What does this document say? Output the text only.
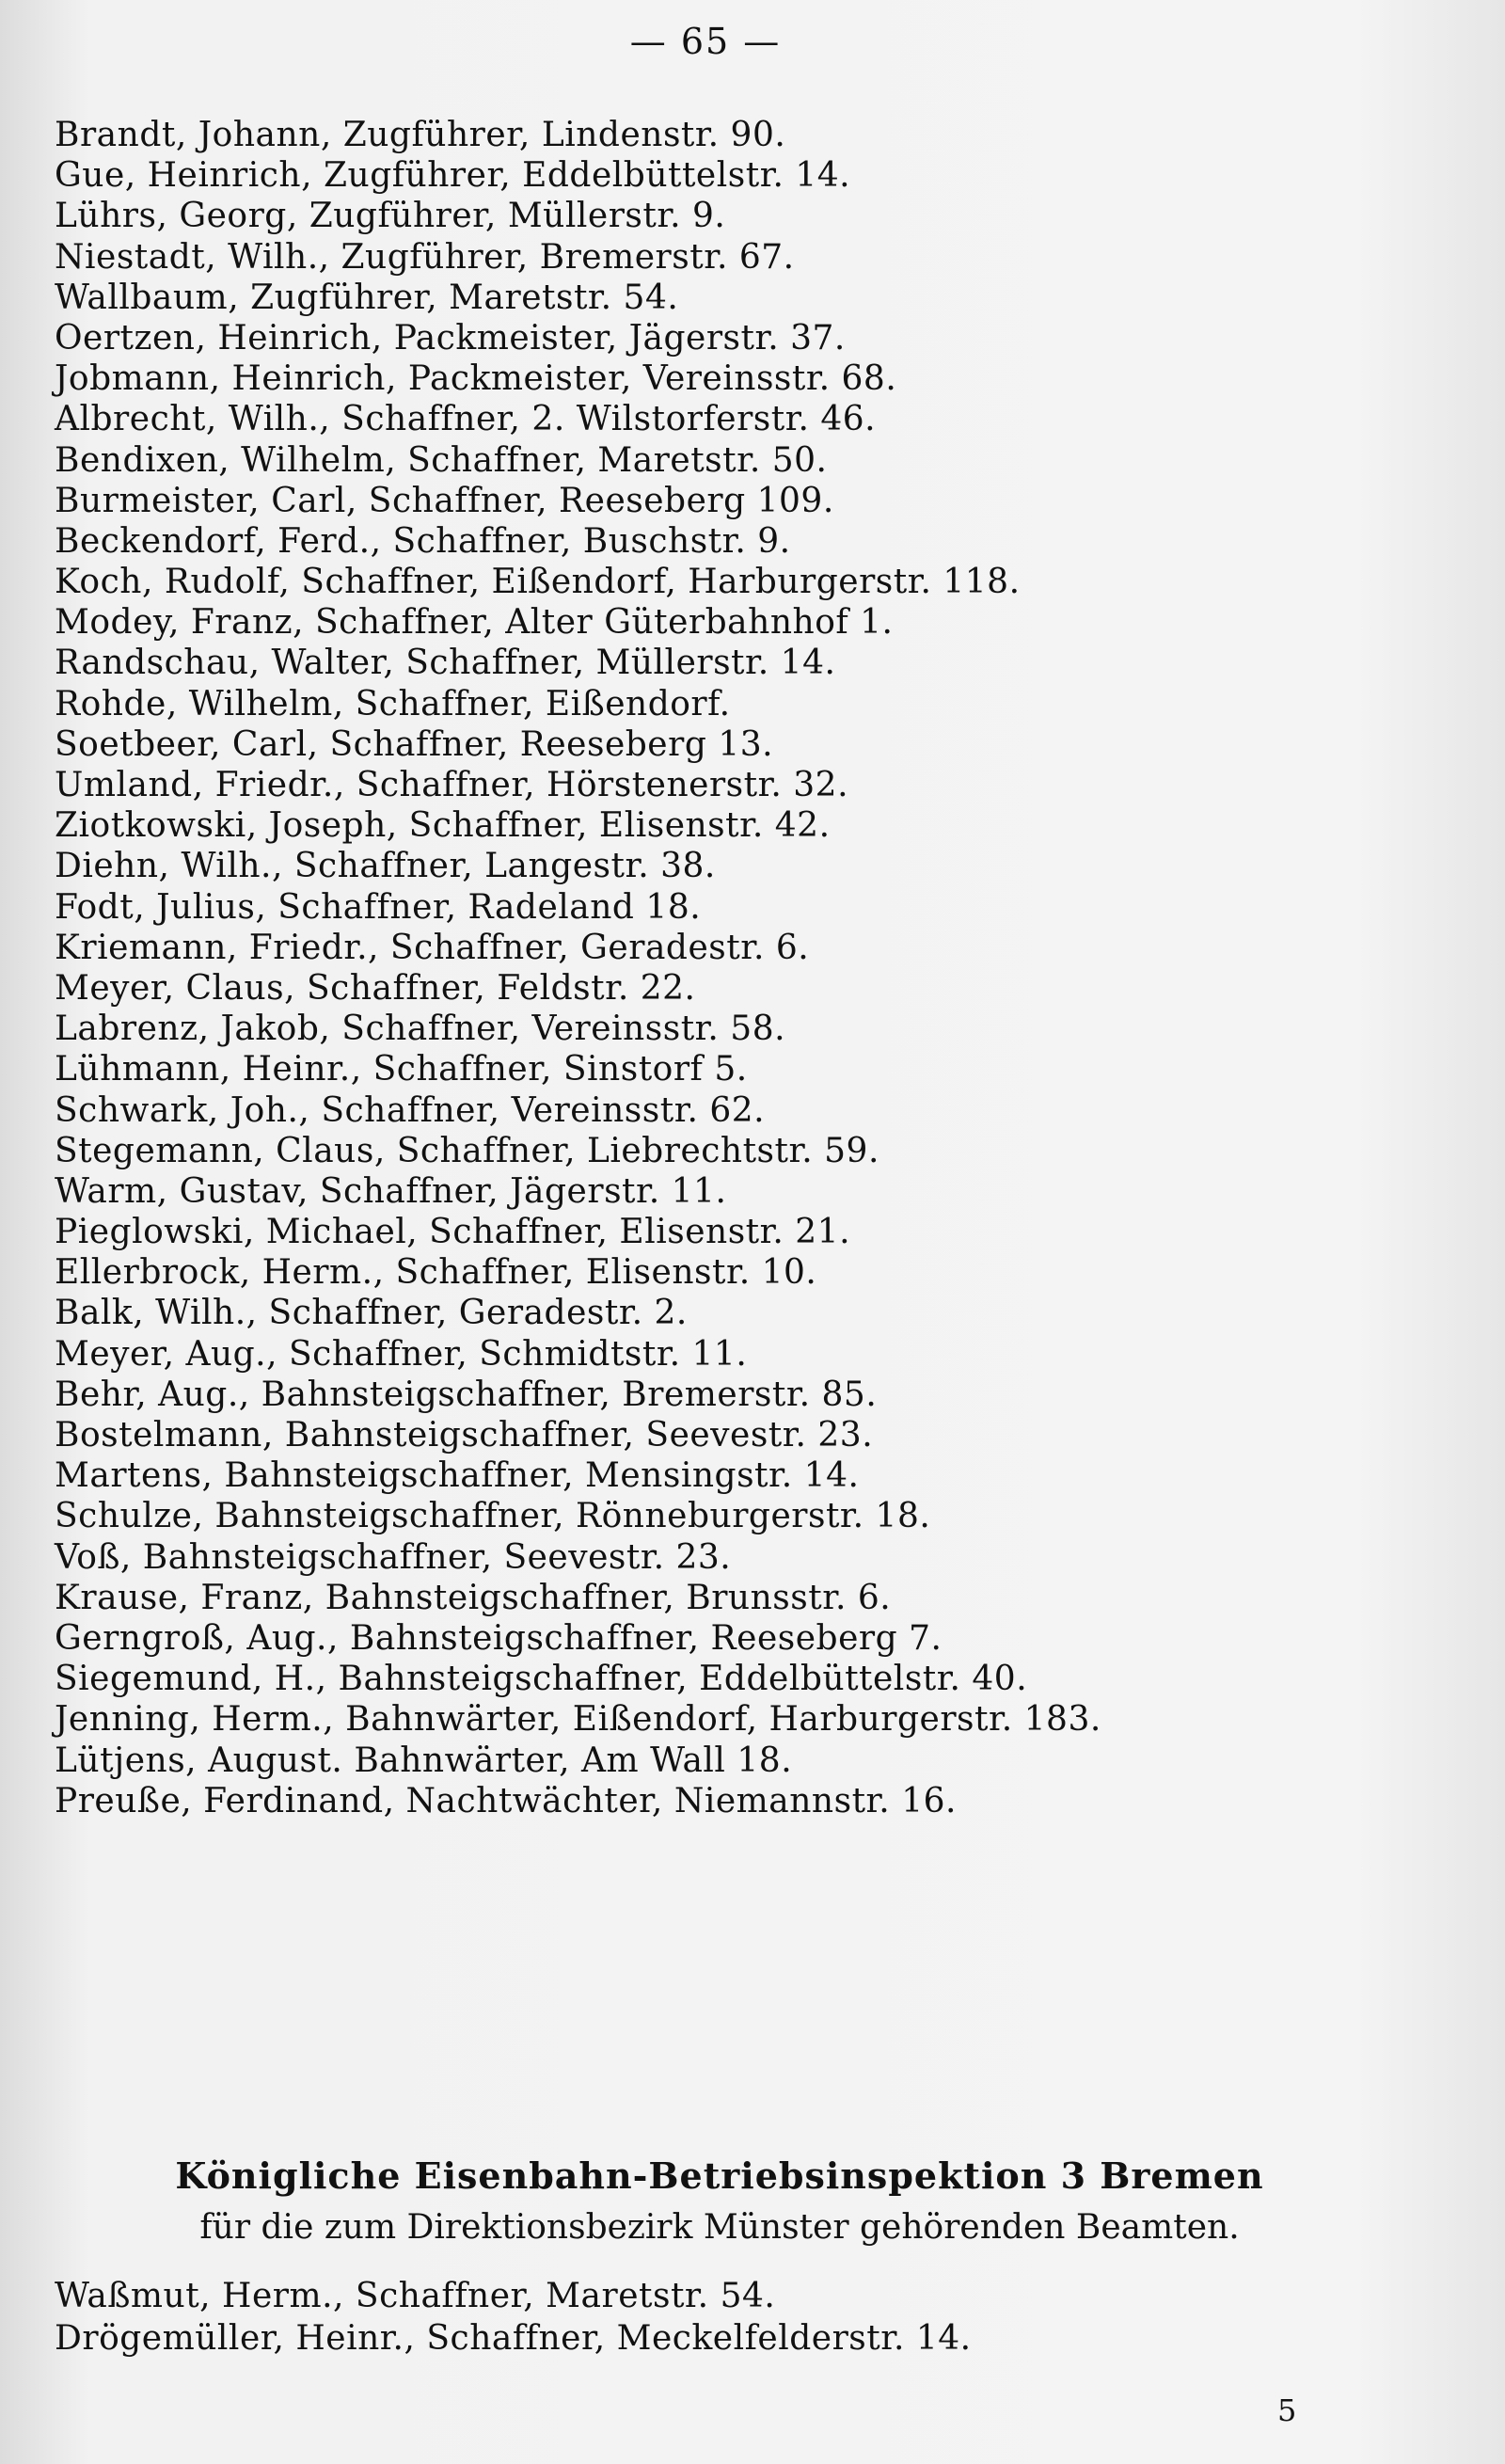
— 65 —
Brandt, Johann, Zugführer, Lindenstr. 90.
Gue, Heinrich, Zugführer, Eddelbüttelstr. 14.
Lührs, Georg, Zugführer, Müllerstr. 9.
Niestadt, Wilh., Zugführer, Bremerstr. 67.
Wallbaum, Zugführer, Maretstr. 54.
Oertzen, Heinrich, Packmeister, Jägerstr. 37.
Jobmann, Heinrich, Packmeister, Vereinsstr. 68.
Albrecht, Wilh., Schaffner, 2. Wilstorferstr. 46.
Bendixen, Wilhelm, Schaffner, Maretstr. 50.
Burmeister, Carl, Schaffner, Reeseberg 109.
Beckendorf, Ferd., Schaffner, Buschstr. 9.
Koch, Rudolf, Schaffner, Eißendorf, Harburgerstr. 118.
Modey, Franz, Schaffner, Alter Güterbahnhof 1.
Randschau, Walter, Schaffner, Müllerstr. 14.
Rohde, Wilhelm, Schaffner, Eißendorf.
Soetbeer, Carl, Schaffner, Reeseberg 13.
Umland, Friedr., Schaffner, Hörstenerstr. 32.
Ziotkowski, Joseph, Schaffner, Elisenstr. 42.
Diehn, Wilh., Schaffner, Langestr. 38.
Fodt, Julius, Schaffner, Radeland 18.
Kriemann, Friedr., Schaffner, Geradestr. 6.
Meyer, Claus, Schaffner, Feldstr. 22.
Labrenz, Jakob, Schaffner, Vereinsstr. 58.
Lühmann, Heinr., Schaffner, Sinstorf 5.
Schwark, Joh., Schaffner, Vereinsstr. 62.
Stegemann, Claus, Schaffner, Liebrechtstr. 59.
Warm, Gustav, Schaffner, Jägerstr. 11.
Pieglowski, Michael, Schaffner, Elisenstr. 21.
Ellerbrock, Herm., Schaffner, Elisenstr. 10.
Balk, Wilh., Schaffner, Geradestr. 2.
Meyer, Aug., Schaffner, Schmidtstr. 11.
Behr, Aug., Bahnsteigschaffner, Bremerstr. 85.
Bostelmann, Bahnsteigschaffner, Seevestr. 23.
Martens, Bahnsteigschaffner, Mensingstr. 14.
Schulze, Bahnsteigschaffner, Rönneburgerstr. 18.
Voß, Bahnsteigschaffner, Seevestr. 23.
Krause, Franz, Bahnsteigschaffner, Brunsstr. 6.
Gerngroß, Aug., Bahnsteigschaffner, Reeseberg 7.
Siegemund, H., Bahnsteigschaffner, Eddelbüttelstr. 40.
Jenning, Herm., Bahnwärter, Eißendorf, Harburgerstr. 183.
Lütjens, August. Bahnwärter, Am Wall 18.
Preuße, Ferdinand, Nachtwächter, Niemannstr. 16.
Königliche Eisenbahn-Betriebsinspektion 3 Bremen
für die zum Direktionsbezirk Münster gehörenden Beamten.
Waßmut, Herm., Schaffner, Maretstr. 54.
Drögemüller, Heinr., Schaffner, Meckelfelderstr. 14.
5
